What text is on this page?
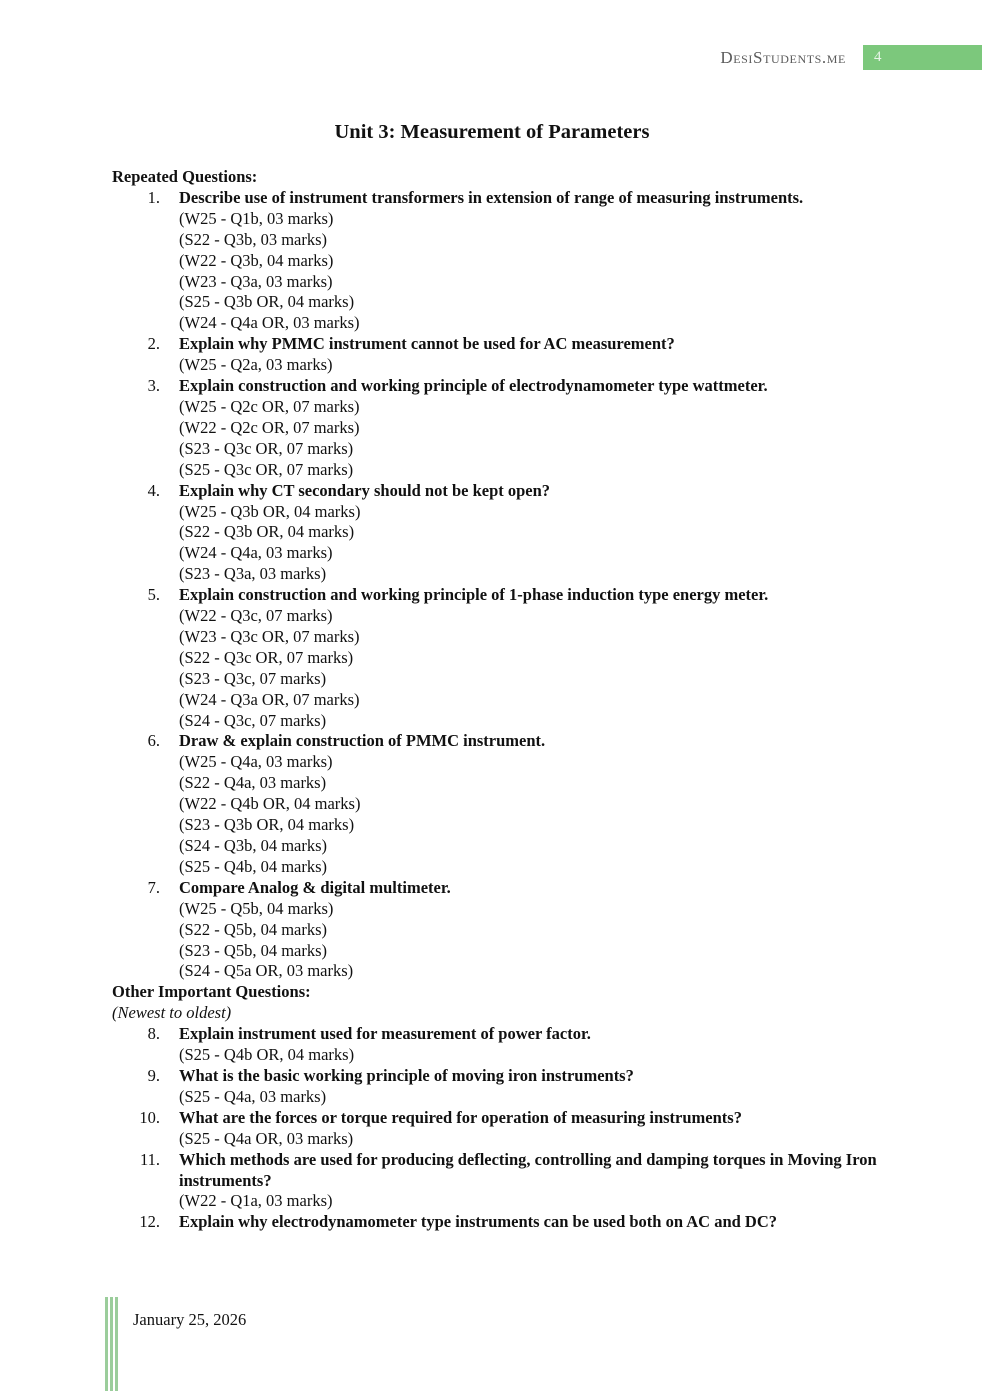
DesiStudents.me 4
Unit 3: Measurement of Parameters
Repeated Questions:
1. Describe use of instrument transformers in extension of range of measuring instruments.
(W25 - Q1b, 03 marks)
(S22 - Q3b, 03 marks)
(W22 - Q3b, 04 marks)
(W23 - Q3a, 03 marks)
(S25 - Q3b OR, 04 marks)
(W24 - Q4a OR, 03 marks)
2. Explain why PMMC instrument cannot be used for AC measurement?
(W25 - Q2a, 03 marks)
3. Explain construction and working principle of electrodynamometer type wattmeter.
(W25 - Q2c OR, 07 marks)
(W22 - Q2c OR, 07 marks)
(S23 - Q3c OR, 07 marks)
(S25 - Q3c OR, 07 marks)
4. Explain why CT secondary should not be kept open?
(W25 - Q3b OR, 04 marks)
(S22 - Q3b OR, 04 marks)
(W24 - Q4a, 03 marks)
(S23 - Q3a, 03 marks)
5. Explain construction and working principle of 1-phase induction type energy meter.
(W22 - Q3c, 07 marks)
(W23 - Q3c OR, 07 marks)
(S22 - Q3c OR, 07 marks)
(S23 - Q3c, 07 marks)
(W24 - Q3a OR, 07 marks)
(S24 - Q3c, 07 marks)
6. Draw & explain construction of PMMC instrument.
(W25 - Q4a, 03 marks)
(S22 - Q4a, 03 marks)
(W22 - Q4b OR, 04 marks)
(S23 - Q3b OR, 04 marks)
(S24 - Q3b, 04 marks)
(S25 - Q4b, 04 marks)
7. Compare Analog & digital multimeter.
(W25 - Q5b, 04 marks)
(S22 - Q5b, 04 marks)
(S23 - Q5b, 04 marks)
(S24 - Q5a OR, 03 marks)
Other Important Questions:
(Newest to oldest)
8. Explain instrument used for measurement of power factor.
(S25 - Q4b OR, 04 marks)
9. What is the basic working principle of moving iron instruments?
(S25 - Q4a, 03 marks)
10. What are the forces or torque required for operation of measuring instruments?
(S25 - Q4a OR, 03 marks)
11. Which methods are used for producing deflecting, controlling and damping torques in Moving Iron instruments?
(W22 - Q1a, 03 marks)
12. Explain why electrodynamometer type instruments can be used both on AC and DC?
January 25, 2026
